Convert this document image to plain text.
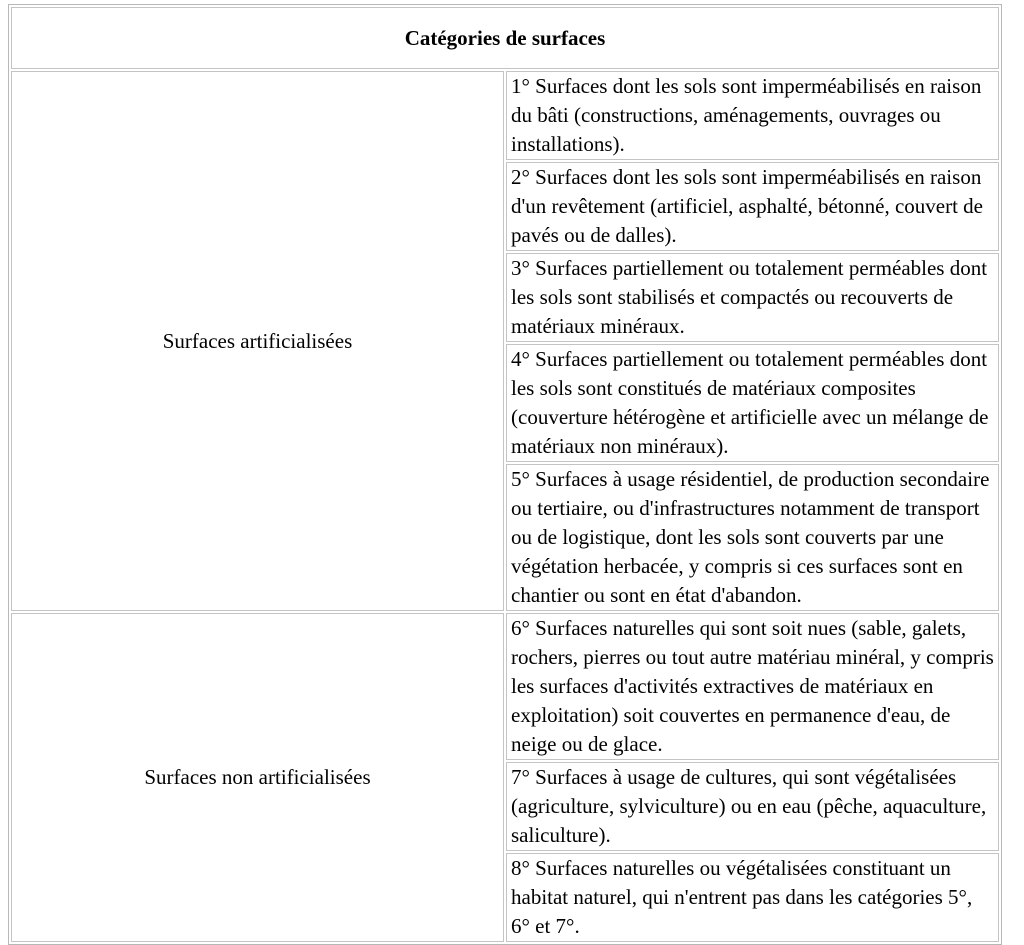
Catégories de surfaces	
Surfaces artificialisées	1° Surfaces dont les sols sont imperméabilisés en raison du bâti (constructions, aménagements, ouvrages ou installations).
	2° Surfaces dont les sols sont imperméabilisés en raison d'un revêtement (artificiel, asphalté, bétonné, couvert de pavés ou de dalles).
	3° Surfaces partiellement ou totalement perméables dont les sols sont stabilisés et compactés ou recouverts de matériaux minéraux.
	4° Surfaces partiellement ou totalement perméables dont les sols sont constitués de matériaux composites (couverture hétérogène et artificielle avec un mélange de matériaux non minéraux).
	5° Surfaces à usage résidentiel, de production secondaire ou tertiaire, ou d'infrastructures notamment de transport ou de logistique, dont les sols sont couverts par une végétation herbacée, y compris si ces surfaces sont en chantier ou sont en état d'abandon.
Surfaces non artificialisées	6° Surfaces naturelles qui sont soit nues (sable, galets, rochers, pierres ou tout autre matériau minéral, y compris les surfaces d'activités extractives de matériaux en exploitation) soit couvertes en permanence d'eau, de neige ou de glace.
	7° Surfaces à usage de cultures, qui sont végétalisées (agriculture, sylviculture) ou en eau (pêche, aquaculture, saliculture).
	8° Surfaces naturelles ou végétalisées constituant un habitat naturel, qui n'entrent pas dans les catégories 5°, 6° et 7°.
